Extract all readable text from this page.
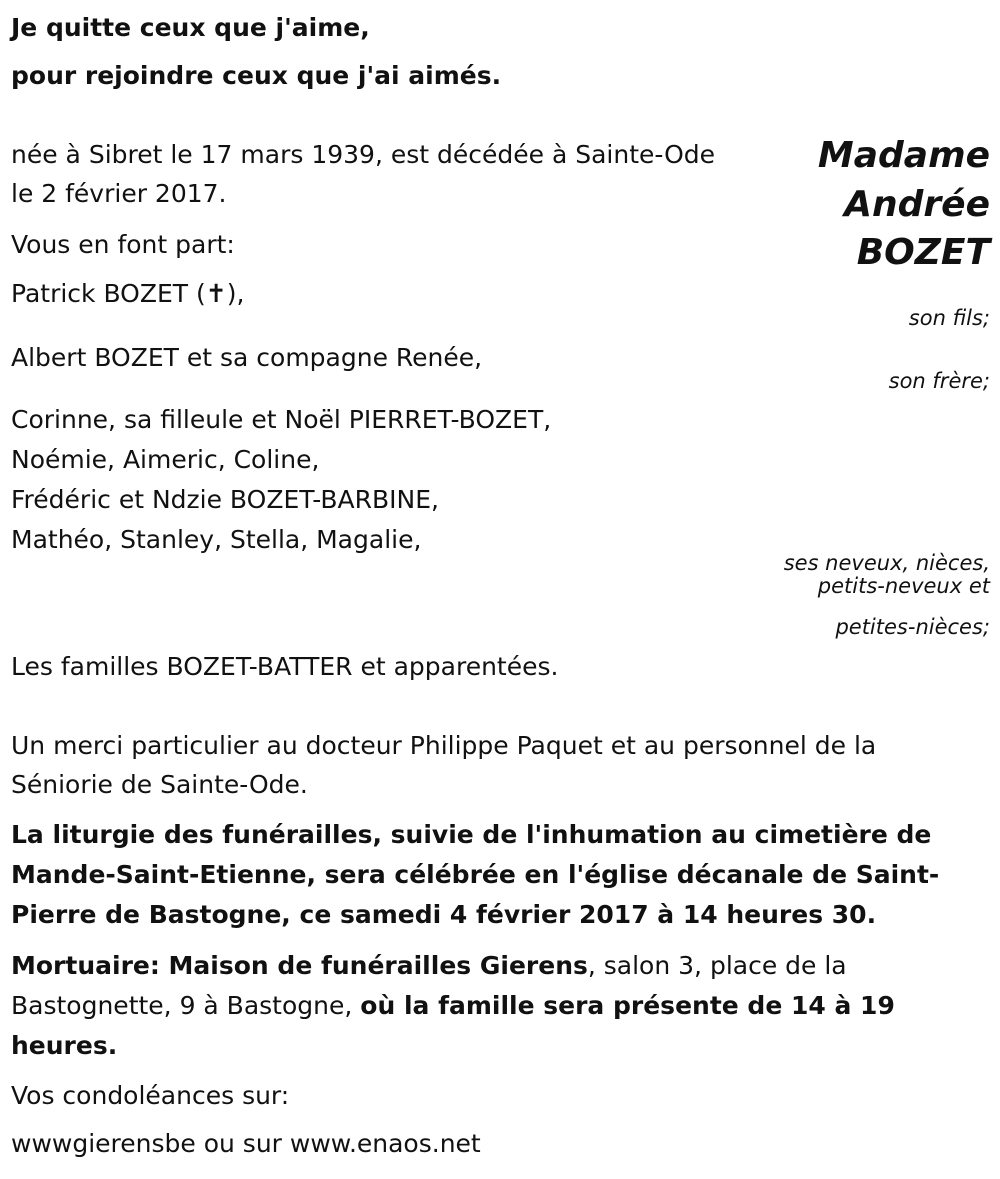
Je quitte ceux que j'aime,
pour rejoindre ceux que j'ai aimés.
Madame
Andrée
BOZET
née à Sibret le 17 mars 1939, est décédée à Sainte-Ode
le 2 février 2017.
Vous en font part:
Patrick BOZET (✝),
son fils;
Albert BOZET et sa compagne Renée,
son frère;
Corinne, sa filleule et Noël PIERRET-BOZET,
Noémie, Aimeric, Coline,
Frédéric et Ndzie BOZET-BARBINE,
Mathéo, Stanley, Stella, Magalie,
ses neveux, nièces,
petits-neveux et
petites-nièces;
Les familles BOZET-BATTER et apparentées.
Un merci particulier au docteur Philippe Paquet et au personnel de la
Séniorie de Sainte-Ode.
La liturgie des funérailles, suivie de l'inhumation au cimetière de
Mande-Saint-Etienne, sera célébrée en l'église décanale de Saint-
Pierre de Bastogne, ce samedi 4 février 2017 à 14 heures 30.
Mortuaire: Maison de funérailles Gierens, salon 3, place de la
Bastognette, 9 à Bastogne, où la famille sera présente de 14 à 19
heures.
Vos condoléances sur:
wwwgierensbe ou sur www.enaos.net
